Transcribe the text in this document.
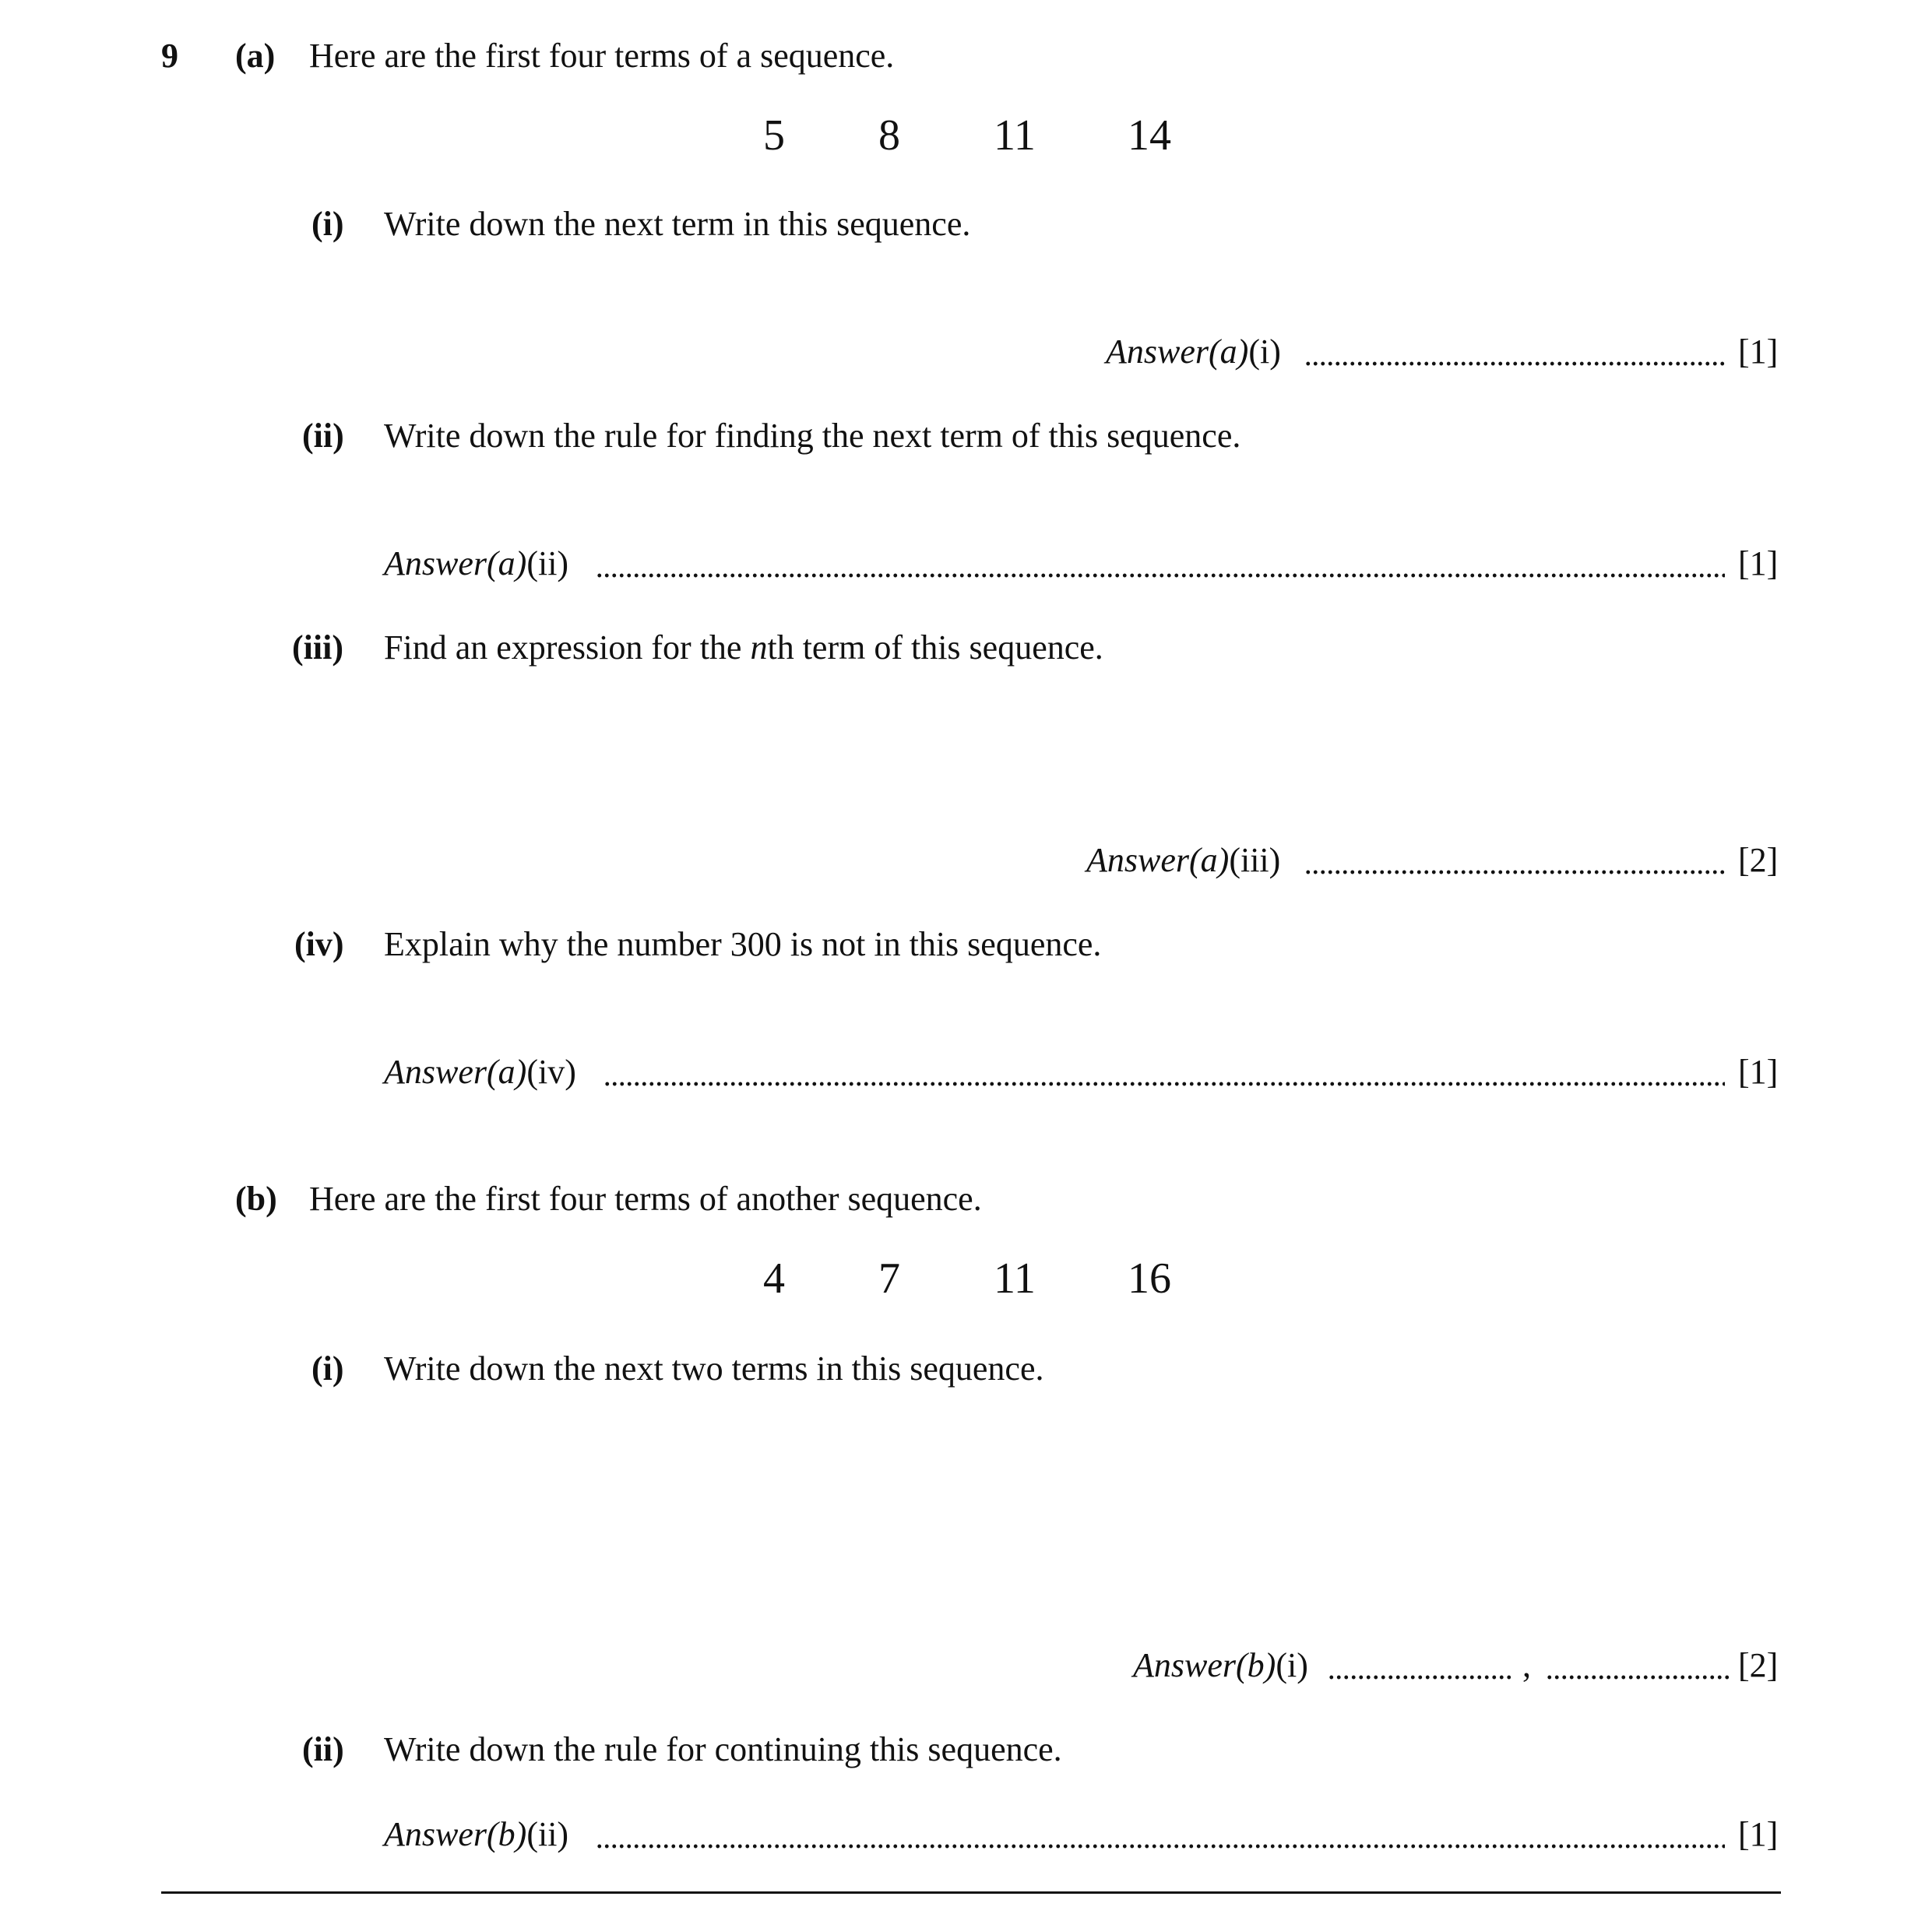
9 (a) Here are the first four terms of a sequence.
5 8 11 14
(i) Write down the next term in this sequence.
Answer(a)(i)	[1]
(ii) Write down the rule for finding the next term of this sequence.
Answer(a)(ii)	[1]
(iii) Find an expression for the nth term of this sequence.
Answer(a)(iii)	[2]
(iv) Explain why the number 300 is not in this sequence.
Answer(a)(iv)	[1]
(b) Here are the first four terms of another sequence.
4 7 11 16
(i) Write down the next two terms in this sequence.
Answer(b)(i)	,	[2]
(ii) Write down the rule for continuing this sequence.
Answer(b)(ii)	[1]
